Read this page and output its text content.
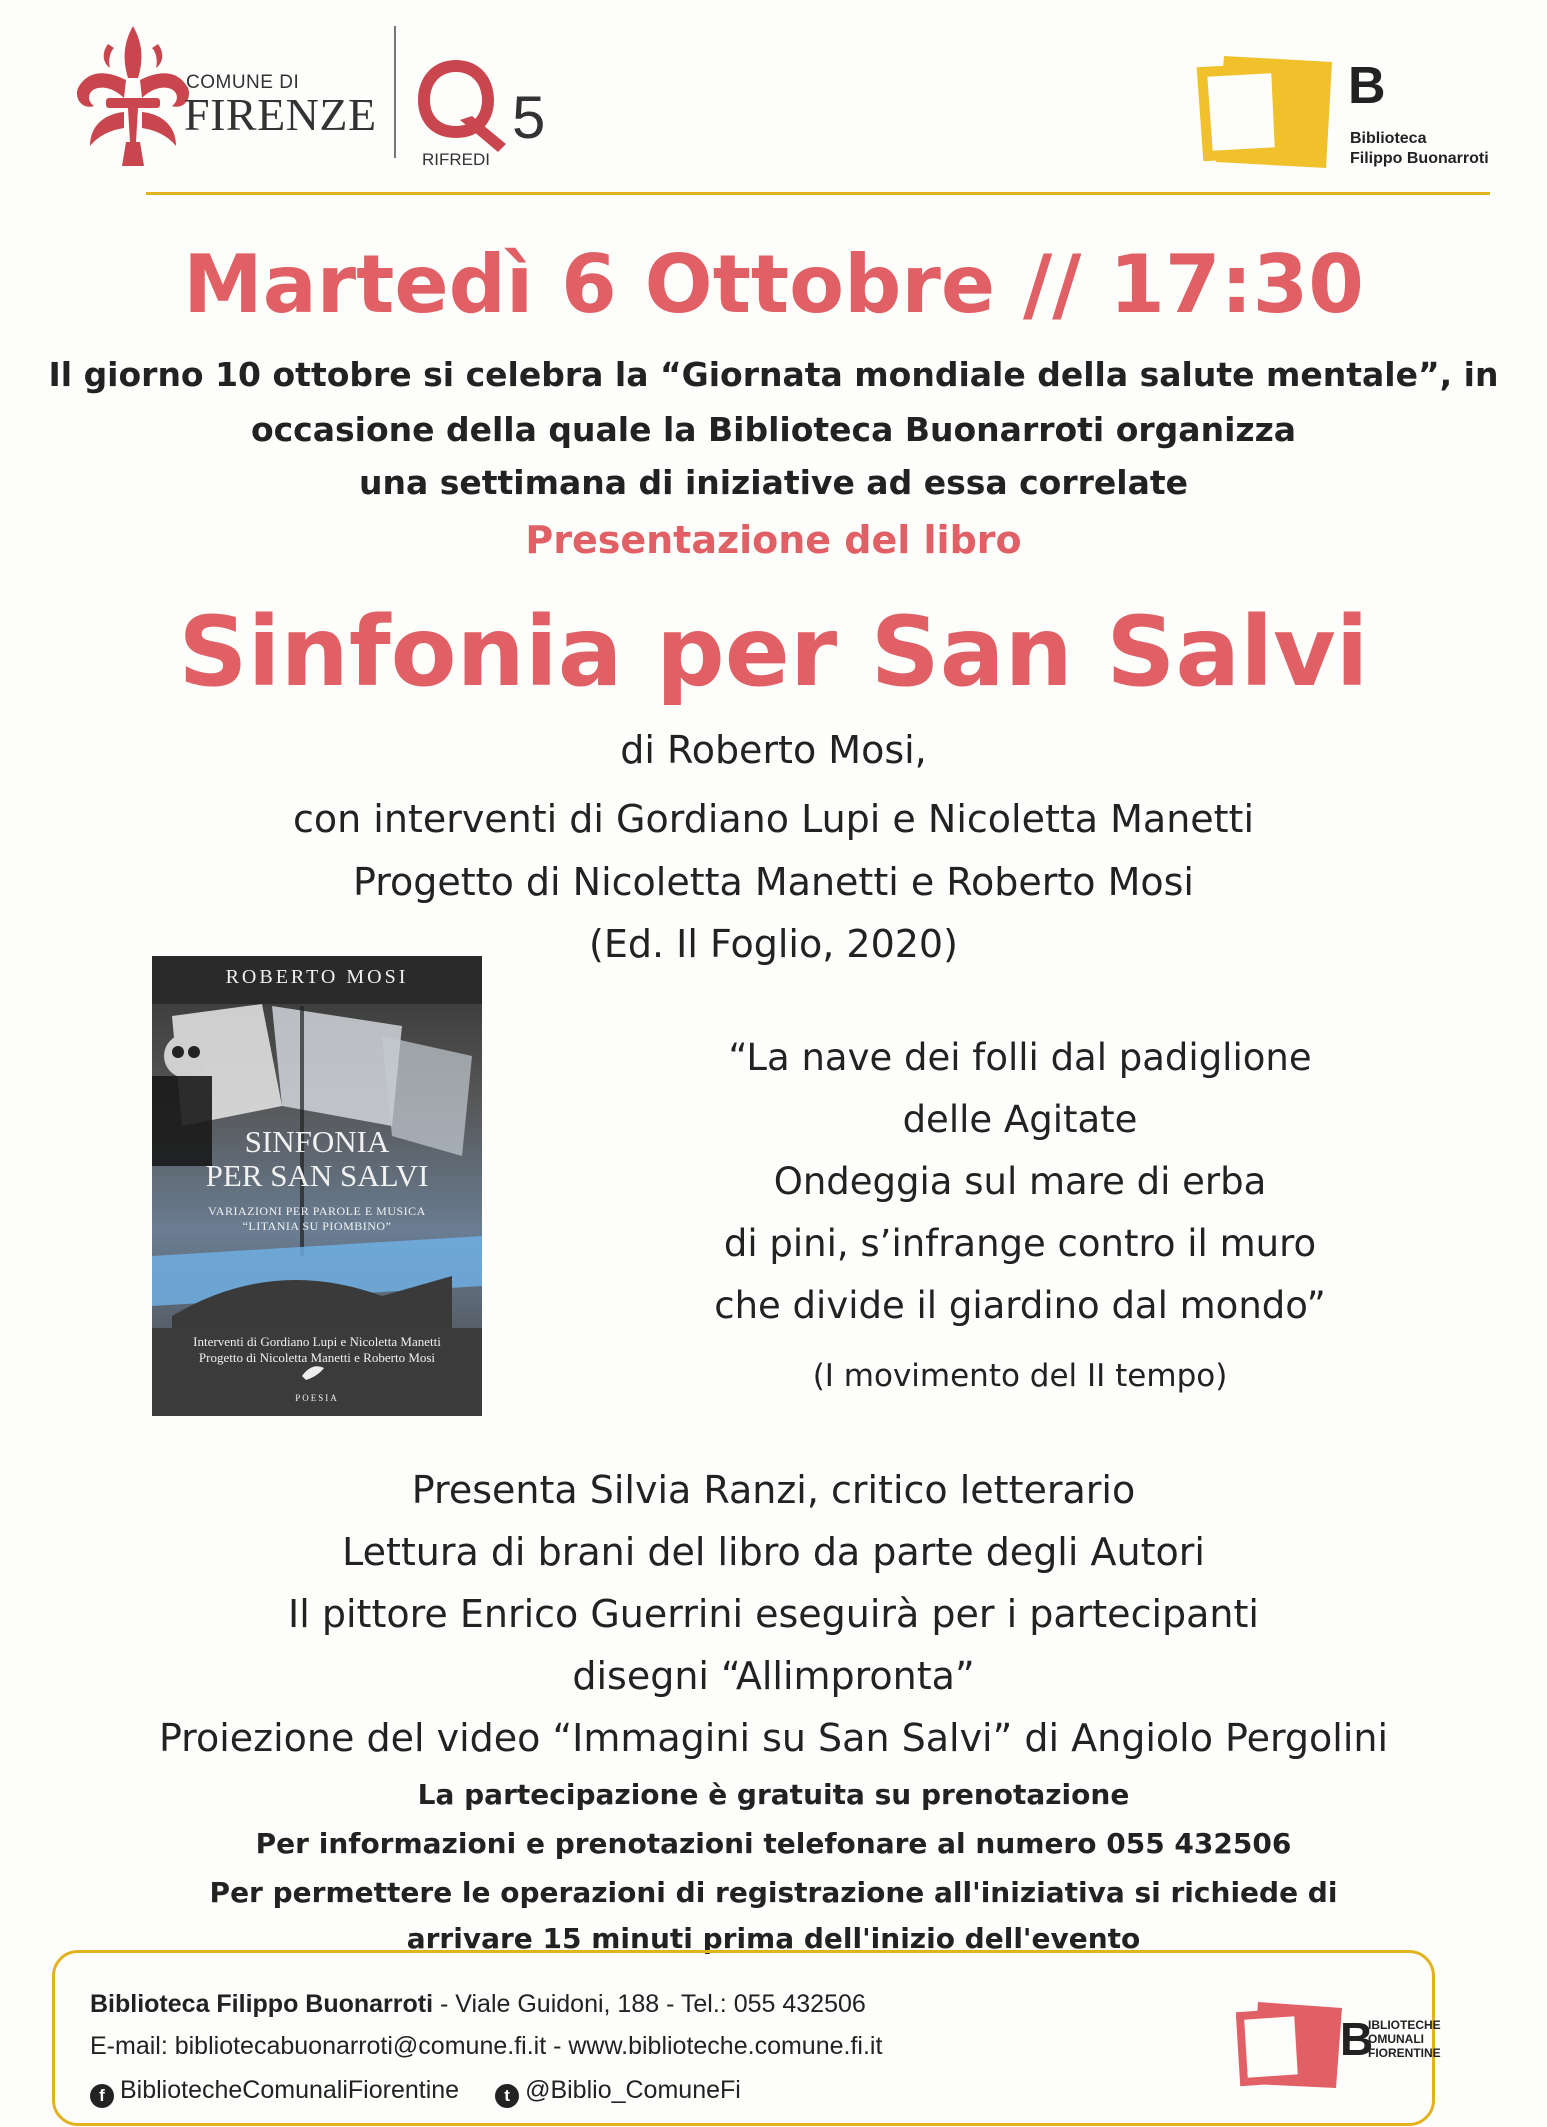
COMUNE DI
FIRENZE 5
RIFREDI
B
Biblioteca
Filippo Buonarroti
Martedì 6 Ottobre // 17:30
Il giorno 10 ottobre si celebra la “Giornata mondiale della salute mentale”, in
occasione della quale la Biblioteca Buonarroti organizza
una settimana di iniziative ad essa correlate
Presentazione del libro
Sinfonia per San Salvi
di Roberto Mosi,
con interventi di Gordiano Lupi e Nicoletta Manetti
Progetto di Nicoletta Manetti e Roberto Mosi
(Ed. Il Foglio, 2020)
ROBERTO MOSI
SINFONIA
PER SAN SALVI
VARIAZIONI PER PAROLE E MUSICA
“LITANIA SU PIOMBINO”
Interventi di Gordiano Lupi e Nicoletta Manetti
Progetto di Nicoletta Manetti e Roberto Mosi
POESIA
“La nave dei folli dal padiglione
delle Agitate
Ondeggia sul mare di erba
di pini, s’infrange contro il muro
che divide il giardino dal mondo”
(I movimento del II tempo)
Presenta Silvia Ranzi, critico letterario
Lettura di brani del libro da parte degli Autori
Il pittore Enrico Guerrini eseguirà per i partecipanti
disegni “Allimpronta”
Proiezione del video “Immagini su San Salvi” di Angiolo Pergolini
La partecipazione è gratuita su prenotazione
Per informazioni e prenotazioni telefonare al numero 055 432506
Per permettere le operazioni di registrazione all'iniziativa si richiede di
arrivare 15 minuti prima dell'inizio dell'evento
Biblioteca Filippo Buonarroti - Viale Guidoni, 188 - Tel.: 055 432506
E-mail: bibliotecabuonarroti@comune.fi.it - www.biblioteche.comune.fi.it
f BibliotecheComunaliFiorentine	t @Biblio_ComuneFi
B
IBLIOTECHE
OMUNALI
FIORENTINE
